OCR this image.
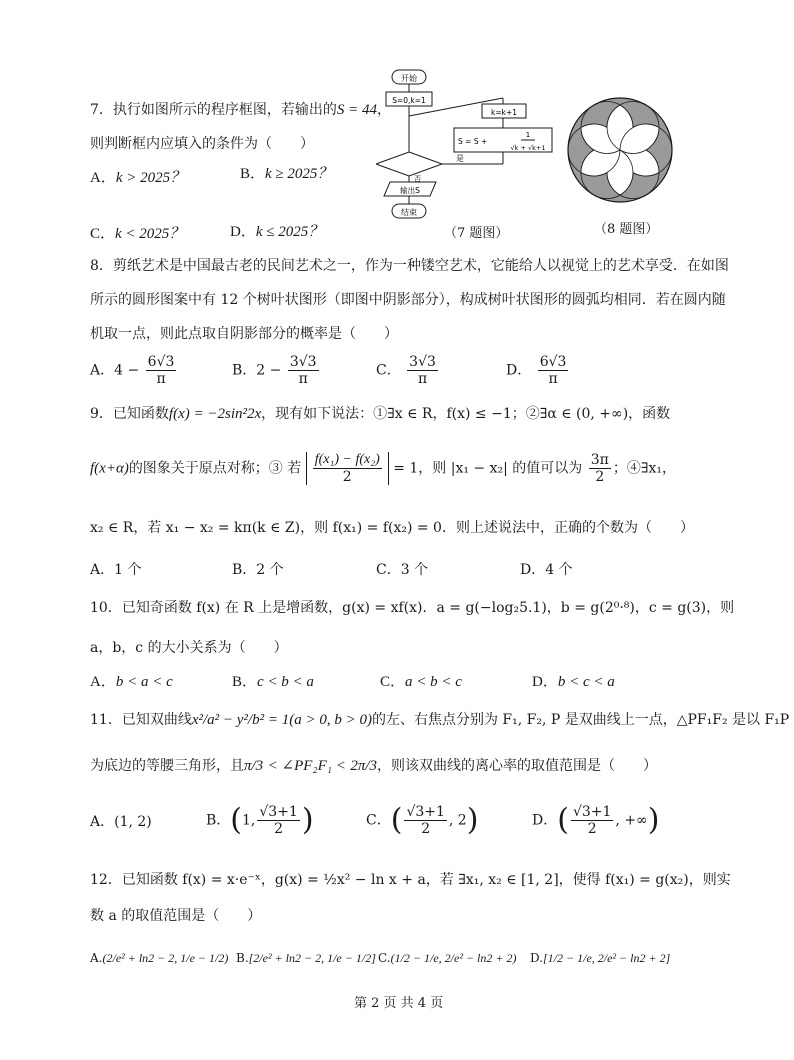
7．执行如图所示的程序框图，若输出的S = 44，
则判断框内应填入的条件为（　　）
A．k > 2025？	B．k ≥ 2025？
C．k < 2025？	D．k ≤ 2025？
开始
S=0,k=1
k=k+1
S = S +
1
√k + √k+1
是
否
输出S
结束
（7 题图）	（8 题图）
8．剪纸艺术是中国最古老的民间艺术之一，作为一种镂空艺术，它能给人以视觉上的艺术享受．在如图
所示的圆形图案中有 12 个树叶状图形（即图中阴影部分），构成树叶状图形的圆弧均相同．若在圆内随
机取一点，则此点取自阴影部分的概率是（　　）
A．$4 - \frac{6√3}{\pi}$	B．$2 - \frac{3√3}{\pi}$	C． $\frac{3√3}{\pi}$	D． $\frac{6√3}{\pi}$
9．已知函数f(x) = −2sin²2x，现有如下说法：①∃x ∈ R，f(x) ≤ −1；②∃α ∈ (0, +∞)，函数
f(x+α)的图象关于原点对称；③ 若 $\frac{\text{f(x₁) − f(x₂)}}{2} = 1$，则 |x₁ − x₂| 的值可以为 $\frac{3\pi}{2}$ ；④∃x₁，
x₂ ∈ R，若 x₁ − x₂ = kπ(k ∈ Z)，则 f(x₁) = f(x₂) = 0．则上述说法中，正确的个数为（　　）
A．1 个	B．2 个	C．3 个	D．4 个
10．已知奇函数 f(x) 在 R 上是增函数，g(x) = xf(x)．a = g(−log₂5.1)，b = g(2⁰·⁸)，c = g(3)，则
a，b，c 的大小关系为（　　）
A．b < a < c	B．c < b < a	C．a < b < c	D．b < c < a
11．已知双曲线x²/a² − y²/b² = 1(a > 0, b > 0)的左、右焦点分别为 F₁, F₂, P 是双曲线上一点，△PF₁F₂ 是以 F₁P
为底边的等腰三角形，且π/3 < ∠PF₂F₁ < 2π/3，则该双曲线的离心率的取值范围是（　　）
A．(1, 2)	B．(1, $\frac{√3+1}{2}$ )	C．( $\frac{√3+1}{2}$ , 2)	D．( $\frac{√3+1}{2}$ , +∞)
12．已知函数 f(x) = x·e⁻ˣ，g(x) = ½x² − ln x + a，若 ∃x₁, x₂ ∈ [1, 2]，使得 f(x₁) = g(x₂)，则实
数 a 的取值范围是（　　）
A.(2/e² + ln2 − 2, 1/e − 1/2) B.[2/e² + ln2 − 2, 1/e − 1/2] C.(1/2 − 1/e, 2/e² − ln2 + 2) D.[1/2 − 1/e, 2/e² − ln2 + 2]
第 2 页 共 4 页
